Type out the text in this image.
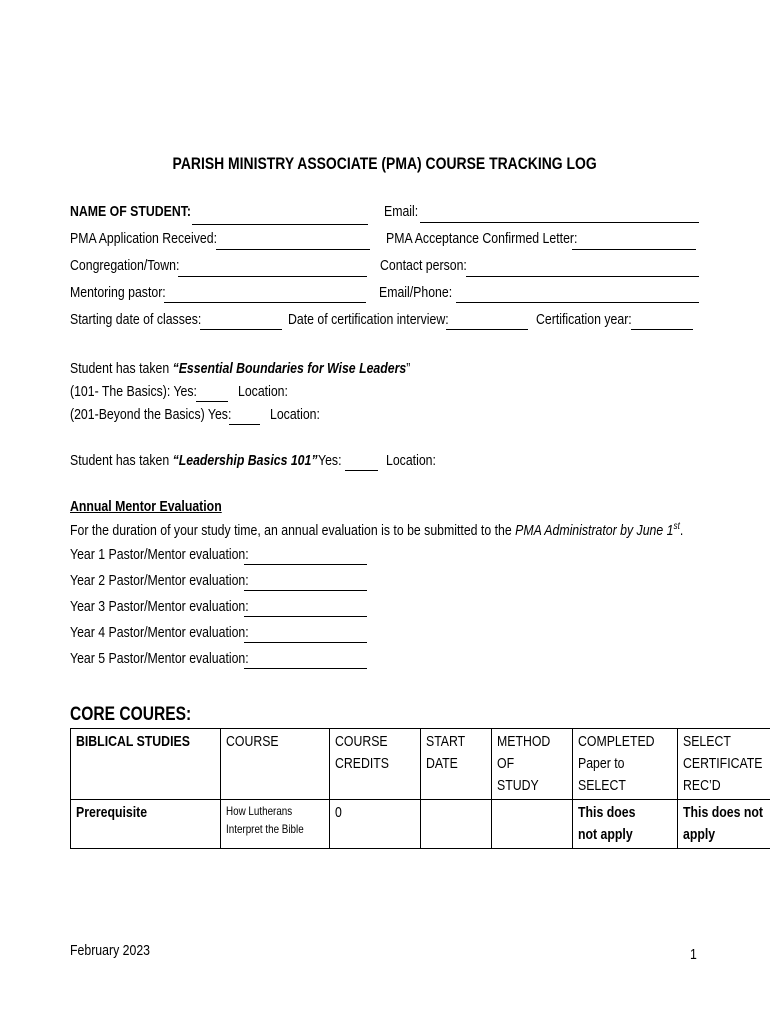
PARISH MINISTRY ASSOCIATE (PMA) COURSE TRACKING LOG
NAME OF STUDENT:	Email:
PMA Application Received:	PMA Acceptance Confirmed Letter:
Congregation/Town:	Contact person:
Mentoring pastor:	Email/Phone:
Starting date of classes:	Date of certification interview:	Certification year:
Student has taken “Essential Boundaries for Wise Leaders”
(101- The Basics): Yes:	Location:
(201-Beyond the Basics) Yes:	Location:
Student has taken “Leadership Basics 101” Yes:	Location:
Annual Mentor Evaluation
For the duration of your study time, an annual evaluation is to be submitted to the PMA Administrator by June 1st.
Year 1 Pastor/Mentor evaluation:
Year 2 Pastor/Mentor evaluation:
Year 3 Pastor/Mentor evaluation:
Year 4 Pastor/Mentor evaluation:
Year 5 Pastor/Mentor evaluation:
CORE COURES:
BIBLICAL STUDIES	COURSE	COURSE CREDITS	START DATE	METHOD OF STUDY	COMPLETED Paper to SELECT	SELECT CERTIFICATE REC’D
Prerequisite	How Lutherans Interpret the Bible	0			This does not apply	This does not apply
February 2023	1
